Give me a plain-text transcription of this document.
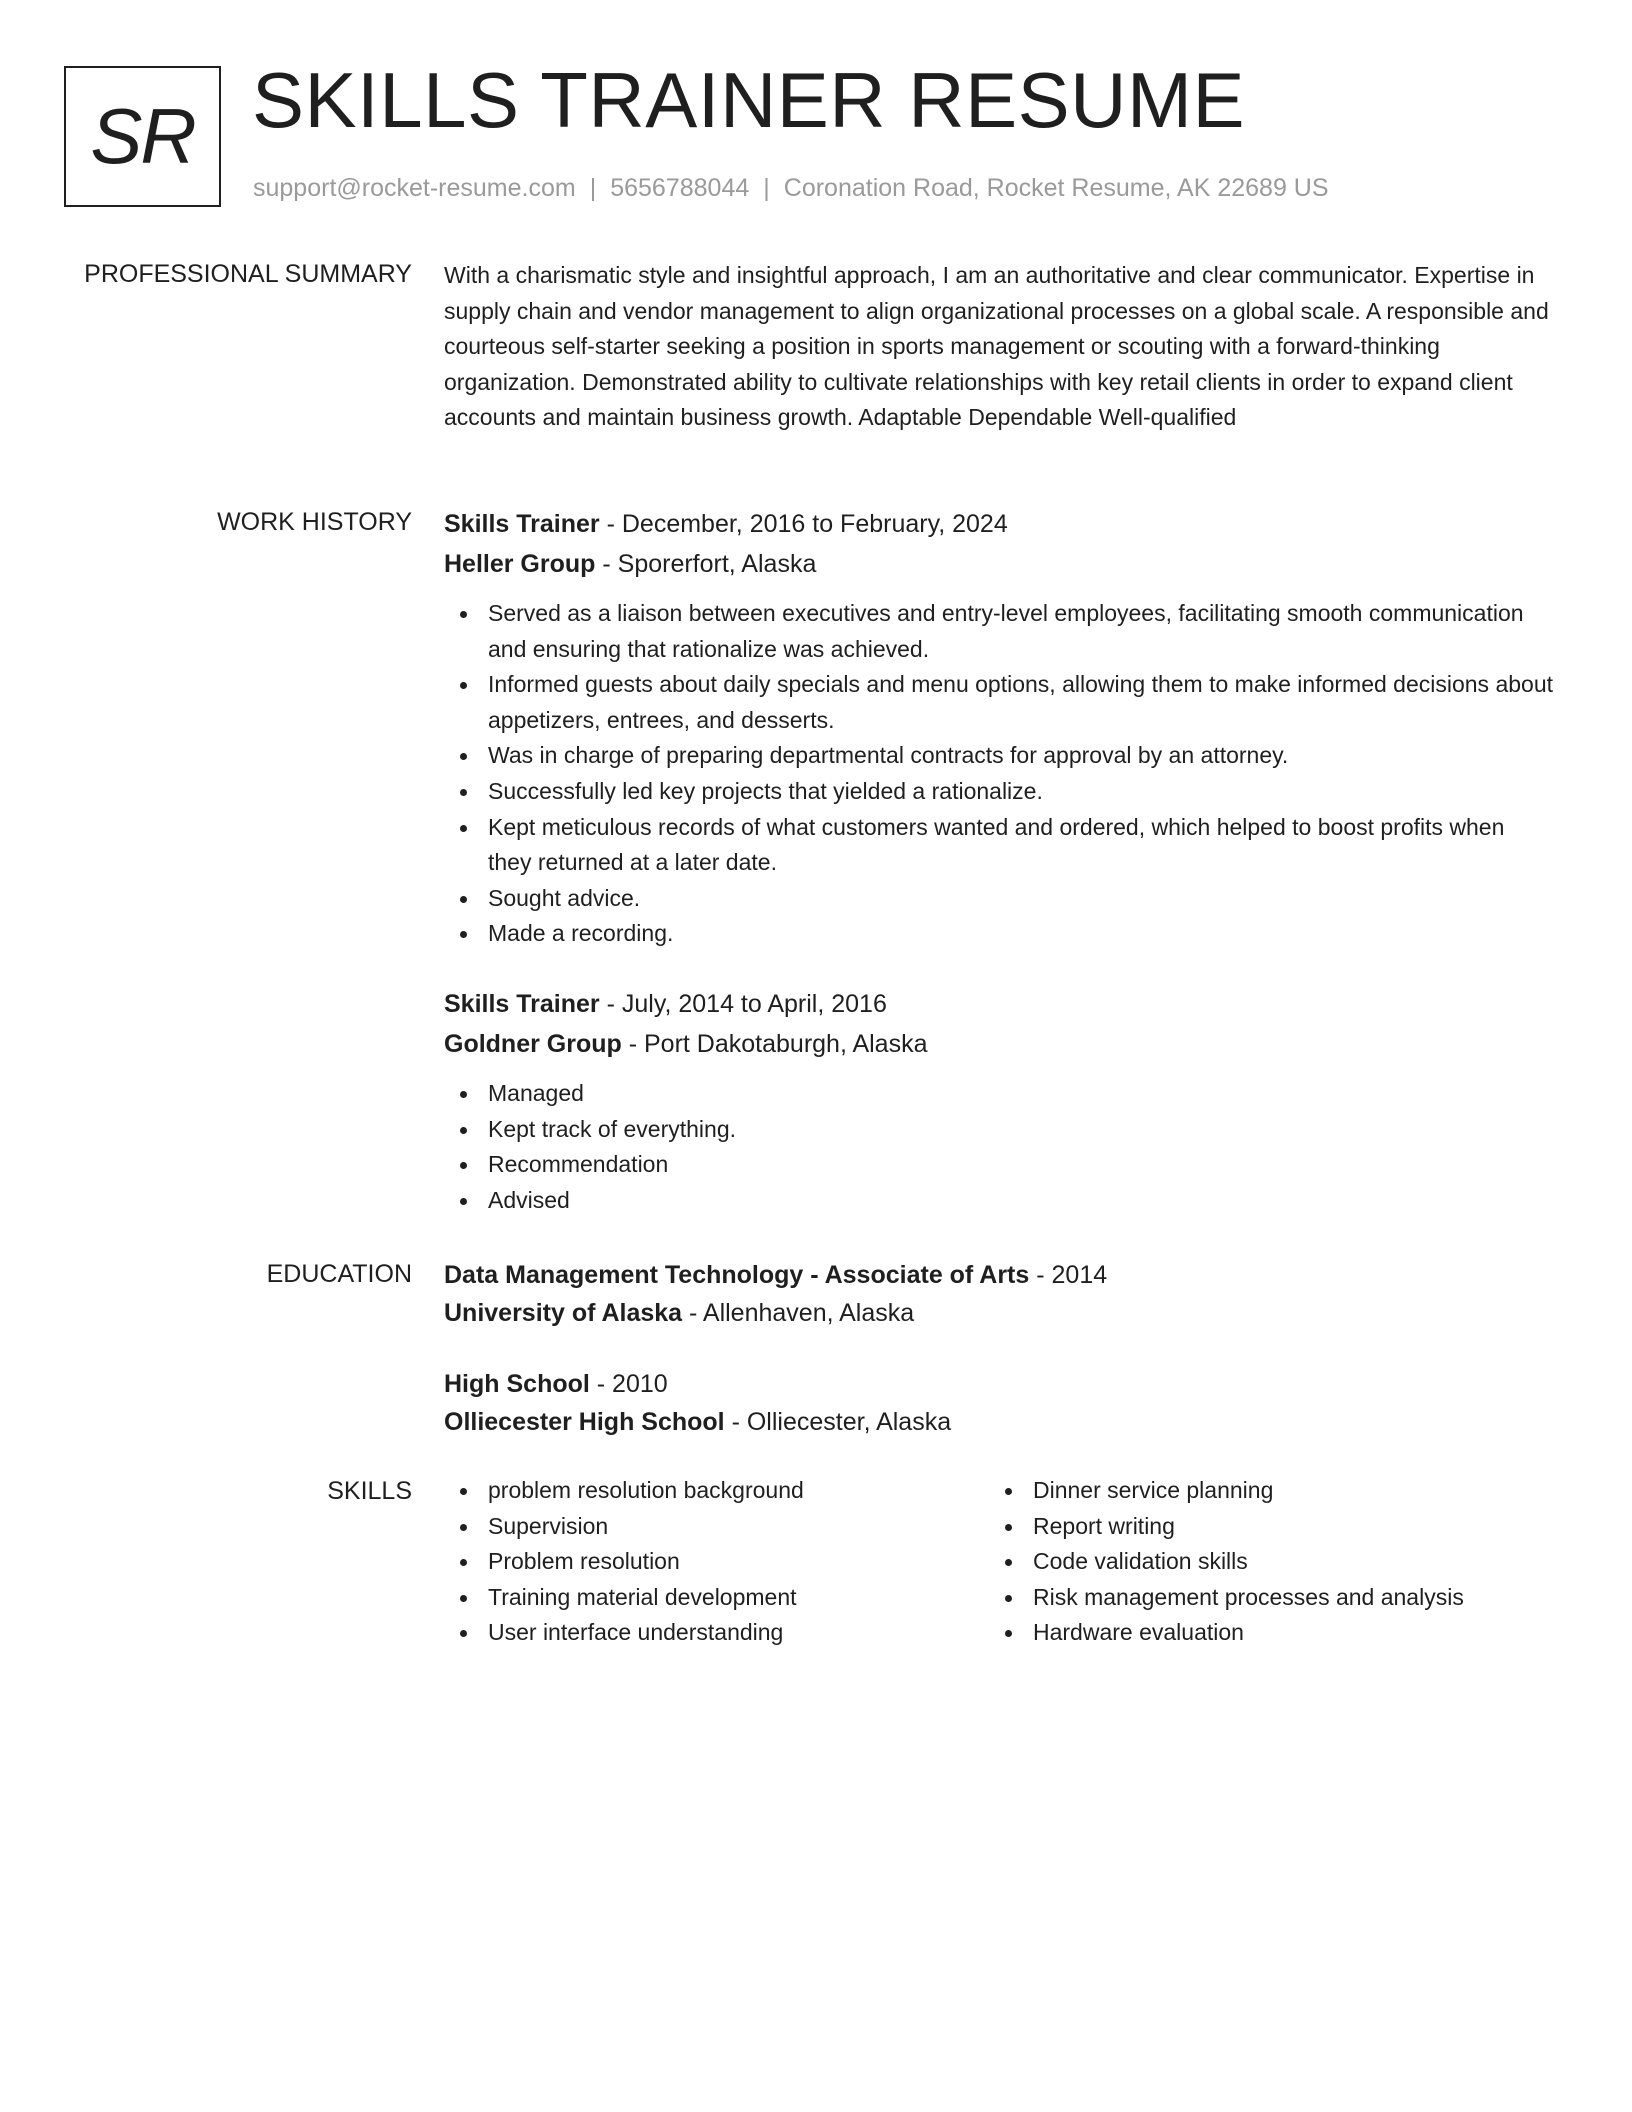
SR SKILLS TRAINER RESUME
support@rocket-resume.com | 5656788044 | Coronation Road, Rocket Resume, AK 22689 US
PROFESSIONAL SUMMARY With a charismatic style and insightful approach, I am an authoritative and clear communicator. Expertise in supply chain and vendor management to align organizational processes on a global scale. A responsible and courteous self-starter seeking a position in sports management or scouting with a forward-thinking organization. Demonstrated ability to cultivate relationships with key retail clients in order to expand client accounts and maintain business growth. Adaptable Dependable Well-qualified

WORK HISTORY Skills Trainer - December, 2016 to February, 2024
Heller Group - Sporerfort, Alaska
Served as a liaison between executives and entry-level employees, facilitating smooth communication and ensuring that rationalize was achieved.
Informed guests about daily specials and menu options, allowing them to make informed decisions about appetizers, entrees, and desserts.
Was in charge of preparing departmental contracts for approval by an attorney.
Successfully led key projects that yielded a rationalize.
Kept meticulous records of what customers wanted and ordered, which helped to boost profits when they returned at a later date.
Sought advice.
Made a recording.
Skills Trainer - July, 2014 to April, 2016
Goldner Group - Port Dakotaburgh, Alaska
Managed
Kept track of everything.
Recommendation
Advised
EDUCATION Data Management Technology - Associate of Arts - 2014
University of Alaska - Allenhaven, Alaska
High School - 2010
Olliecester High School - Olliecester, Alaska
SKILLS	problem resolution background
Supervision
Problem resolution
Training material development
User interface understanding
Dinner service planning
Report writing
Code validation skills
Risk management processes and analysis
Hardware evaluation
